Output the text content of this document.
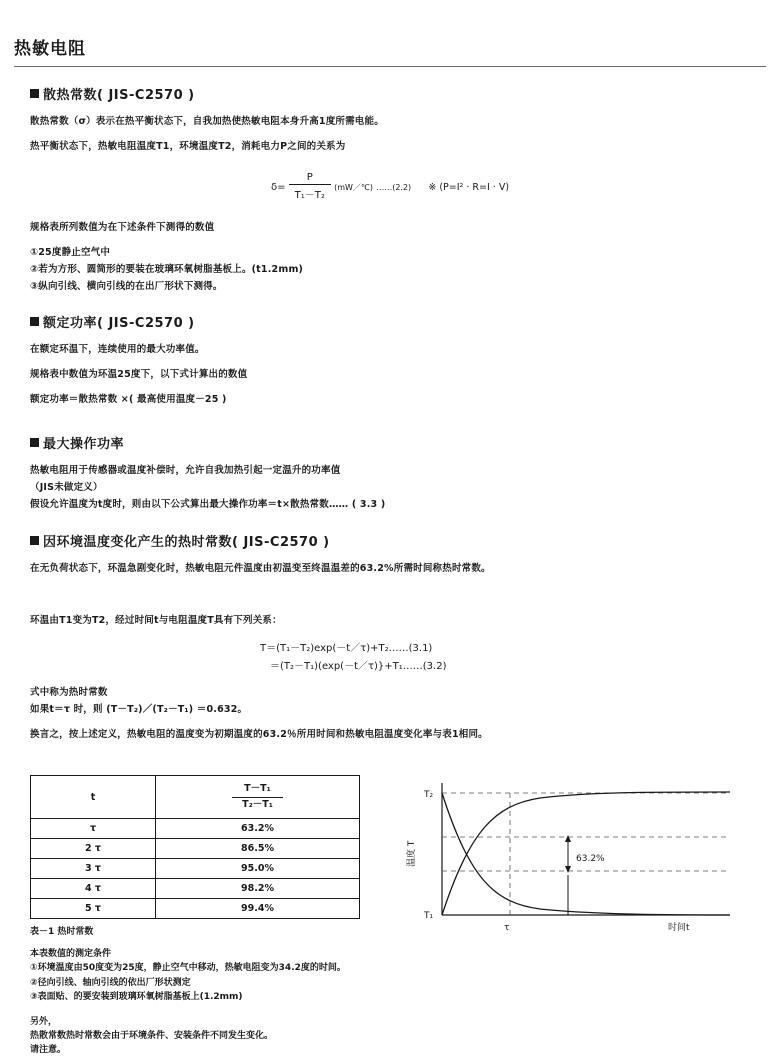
热敏电阻
散热常数( JIS-C2570 )

散热常数（σ）表示在热平衡状态下，自我加热使热敏电阻本身升高1度所需电能。

热平衡状态下，热敏电阻温度T1，环境温度T2，消耗电力P之间的关系为

$\delta= \frac{P}{\text{T₁－T₂}}$ (mW／℃) ……(2.2) ※ (P=I² · R=I · V)

规格表所列数值为在下述条件下测得的数值

①25度静止空气中

②若为方形、圆筒形的要装在玻璃环氧树脂基板上。(t1.2mm)

③纵向引线、横向引线的在出厂形状下测得。

额定功率( JIS-C2570 )

在额定环温下，连续使用的最大功率值。

规格表中数值为环温25度下，以下式计算出的数值

额定功率＝散热常数 ×( 最高使用温度－25 )

最大操作功率

热敏电阻用于传感器或温度补偿时，允许自我加热引起一定温升的功率值

（JIS未做定义）

假设允许温度为t度时，则由以下公式算出最大操作功率＝t×散热常数…… ( 3.3 )

因环境温度变化产生的热时常数( JIS-C2570 )

在无负荷状态下，环温急剧变化时，热敏电阻元件温度由初温变至终温温差的63.2%所需时间称热时常数。

环温由T1变为T2，经过时间t与电阻温度T具有下列关系：

T＝(T₁－T₂)exp(－t／τ)+T₂……(3.1)
＝(T₂－T₁)(exp(－t／τ)}+T₁……(3.2)

式中称为热时常数

如果t＝τ 时，则 (T－T₂)／(T₂－T₁) ＝0.632。

换言之，按上述定义，热敏电阻的温度变为初期温度的63.2％所用时间和热敏电阻温度变化率与表1相同。

t	$\frac{\text{T－T₁}}{\text{T₂－T₁}}$

τ	63.2%
2 τ	86.5%
3 τ	95.0%
4 τ	98.2%
5 τ	99.4%
表－1 热时常数
本表数值的测定条件
①环境温度由50度变为25度，静止空气中移动，热敏电阻变为34.2度的时间。
②径向引线、轴向引线的依出厂形状测定
③表面贴、的要安装到玻璃环氧树脂基板上(1.2mm)
另外，
热散常数热时常数会由于环境条件、安装条件不同发生变化。
请注意。
T₂
T₁
63.2%
τ	时间t
温度 T
